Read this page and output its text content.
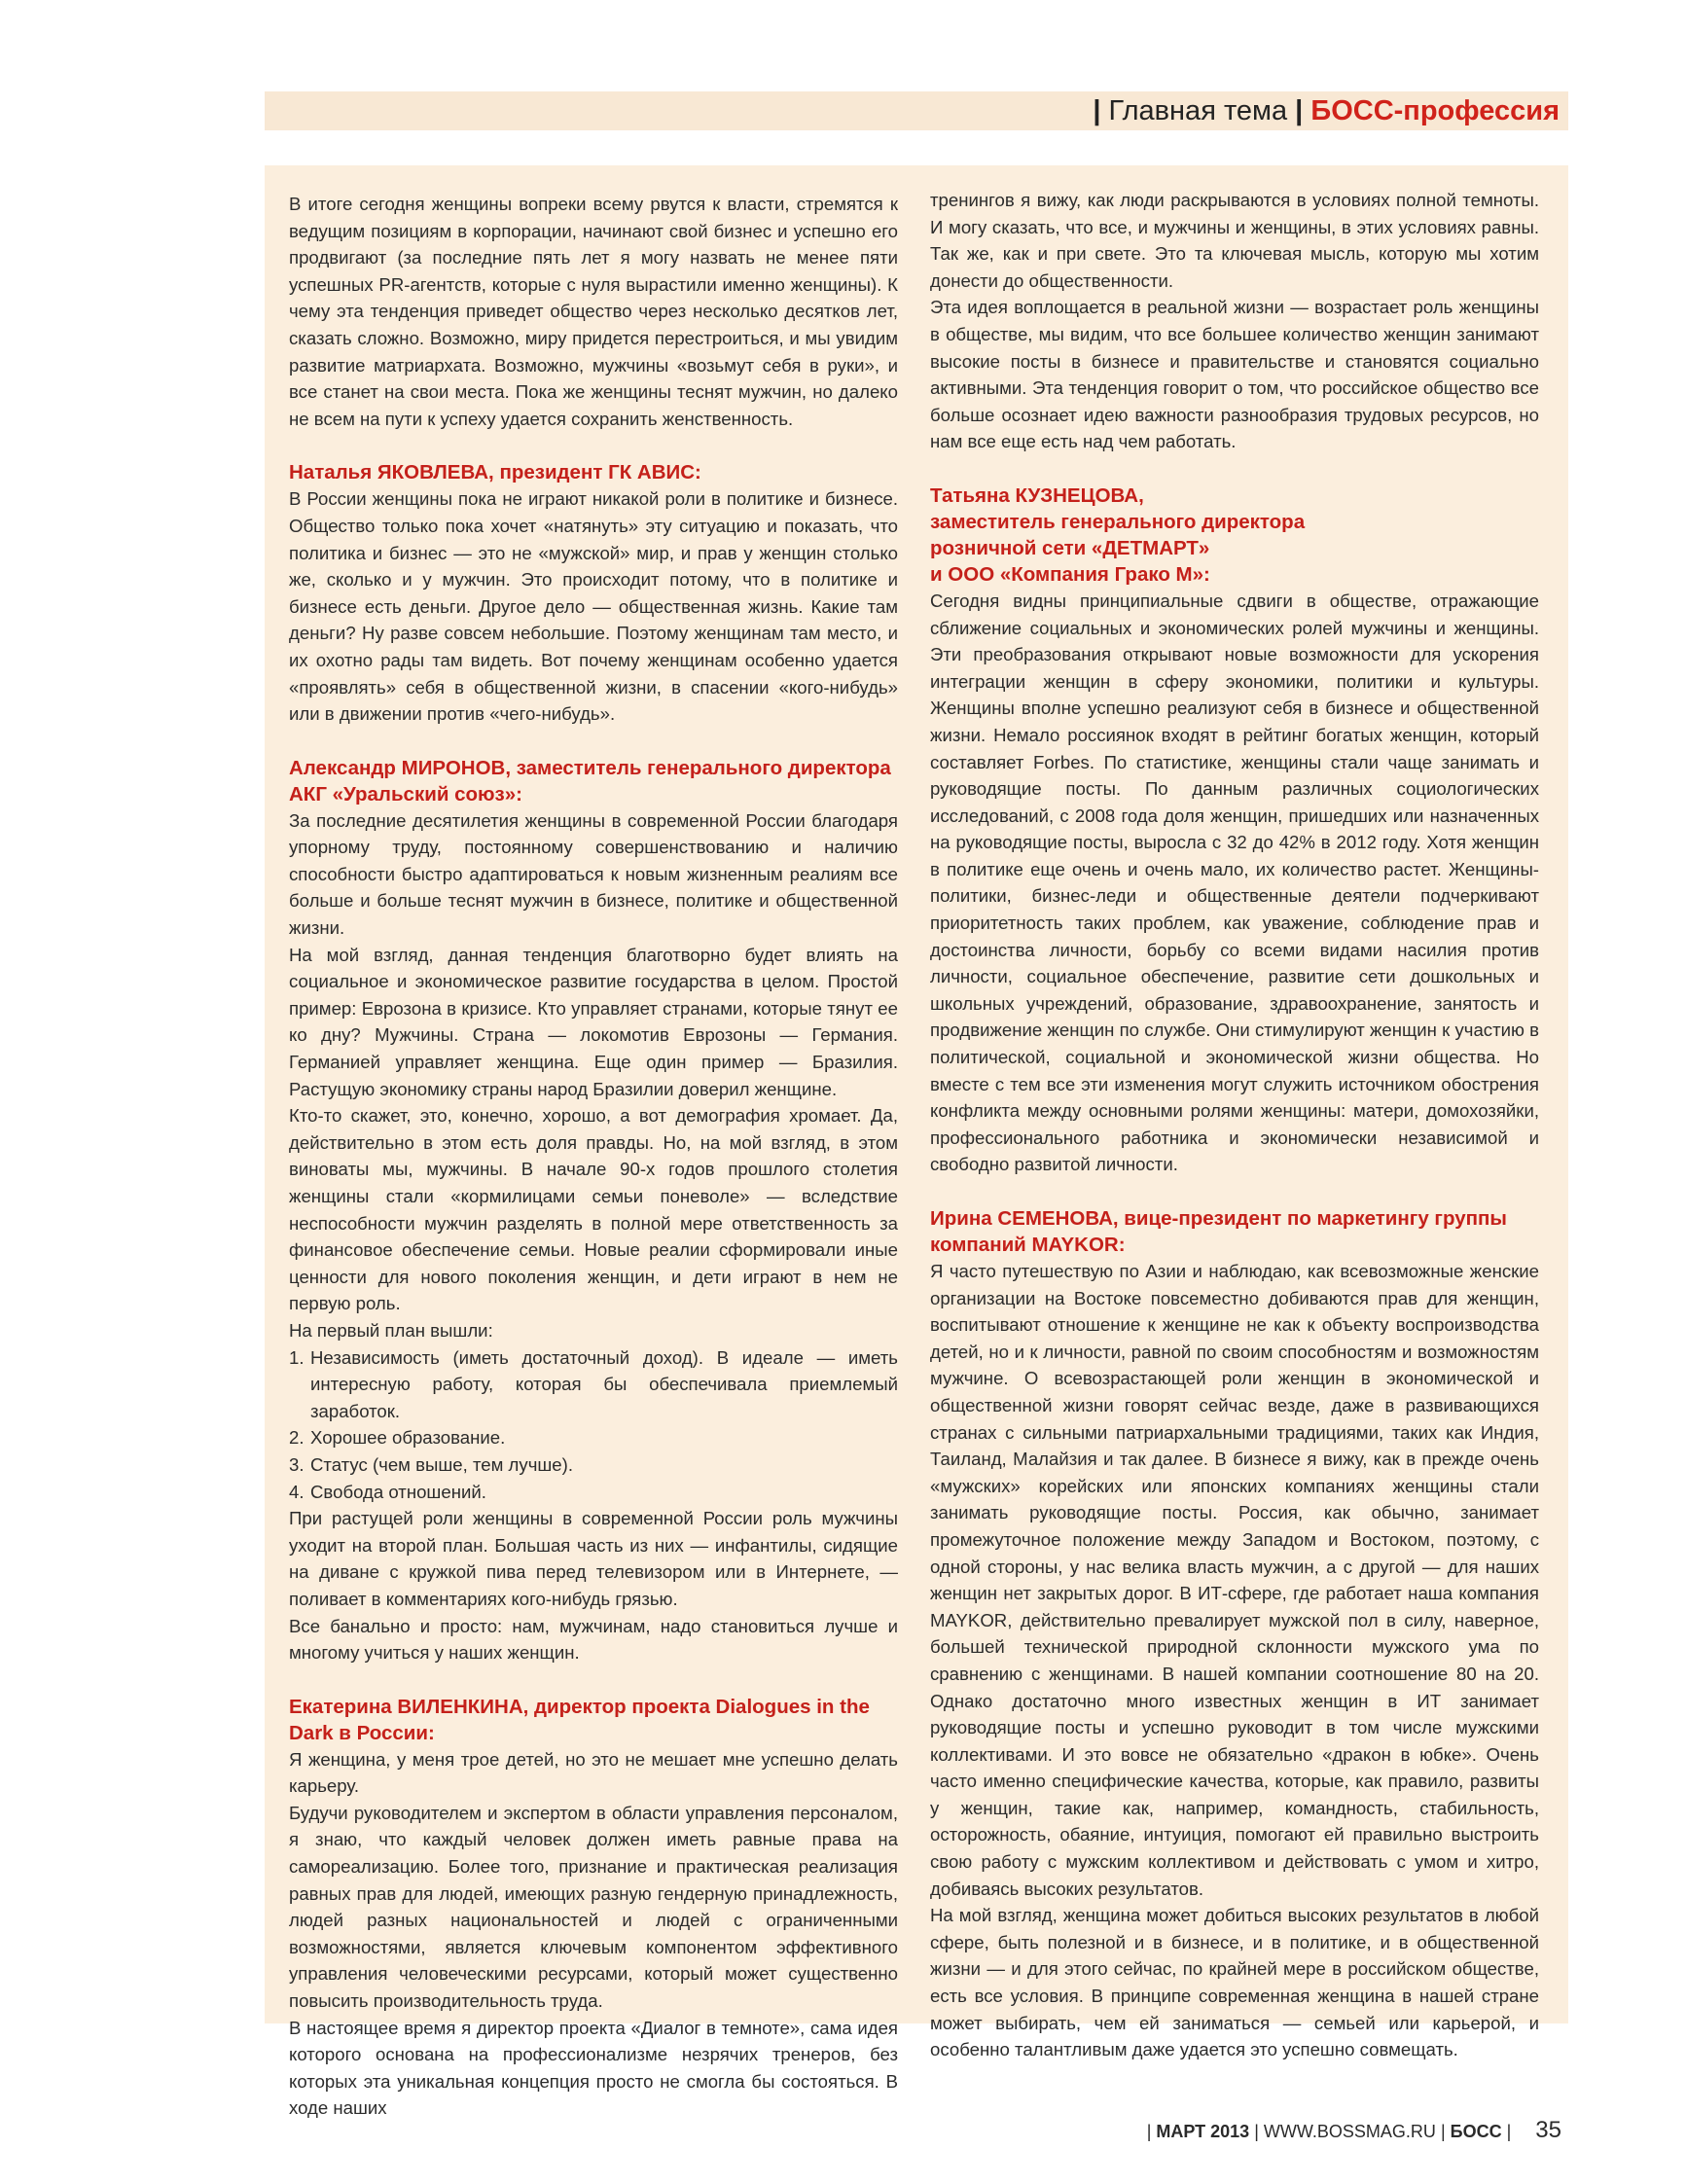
| Главная тема | БОСС-профессия

В итоге сегодня женщины вопреки всему рвутся к власти, стремятся к ведущим позициям в корпорации, начинают свой бизнес и успешно его продвигают (за последние пять лет я могу назвать не менее пяти успешных PR-агентств, которые с нуля вырастили именно женщины). К чему эта тенденция приведет общество через несколько десятков лет, сказать сложно. Возможно, миру придется перестроиться, и мы увидим развитие матриархата. Возможно, мужчины «возьмут себя в руки», и все станет на свои места. Пока же женщины теснят мужчин, но далеко не всем на пути к успеху удается сохранить женственность.

Наталья ЯКОВЛЕВА, президент ГК АВИС:

В России женщины пока не играют никакой роли в политике и бизнесе. Общество только пока хочет «натянуть» эту ситуацию и показать, что политика и бизнес — это не «мужской» мир, и прав у женщин столько же, сколько и у мужчин. Это происходит потому, что в политике и бизнесе есть деньги. Другое дело — общественная жизнь. Какие там деньги? Ну разве совсем небольшие. Поэтому женщинам там место, и их охотно рады там видеть. Вот почему женщинам особенно удается «проявлять» себя в общественной жизни, в спасении «кого-нибудь» или в движении против «чего-нибудь».

Александр МИРОНОВ, заместитель генерального директора АКГ «Уральский союз»:

За последние десятилетия женщины в современной России благодаря упорному труду, постоянному совершенствованию и наличию способности быстро адаптироваться к новым жизненным реалиям все больше и больше теснят мужчин в бизнесе, политике и общественной жизни.

На мой взгляд, данная тенденция благотворно будет влиять на социальное и экономическое развитие государства в целом. Простой пример: Еврозона в кризисе. Кто управляет странами, которые тянут ее ко дну? Мужчины. Страна — локомотив Еврозоны — Германия. Германией управляет женщина. Еще один пример — Бразилия. Растущую экономику страны народ Бразилии доверил женщине.

Кто-то скажет, это, конечно, хорошо, а вот демография хромает. Да, действительно в этом есть доля правды. Но, на мой взгляд, в этом виноваты мы, мужчины. В начале 90-х годов прошлого столетия женщины стали «кормилицами семьи поневоле» — вследствие неспособности мужчин разделять в полной мере ответственность за финансовое обеспечение семьи. Новые реалии сформировали иные ценности для нового поколения женщин, и дети играют в нем не первую роль.

На первый план вышли:

1. Независимость (иметь достаточный доход). В идеале — иметь интересную работу, которая бы обеспечивала приемлемый заработок.
2. Хорошее образование.
3. Статус (чем выше, тем лучше).
4. Свобода отношений.

При растущей роли женщины в современной России роль мужчины уходит на второй план. Большая часть из них — инфантилы, сидящие на диване с кружкой пива перед телевизором или в Интернете, — поливает в комментариях кого-нибудь грязью.

Все банально и просто: нам, мужчинам, надо становиться лучше и многому учиться у наших женщин.

Екатерина ВИЛЕНКИНА, директор проекта Dialogues in the Dark в России:

Я женщина, у меня трое детей, но это не мешает мне успешно делать карьеру.

Будучи руководителем и экспертом в области управления персоналом, я знаю, что каждый человек должен иметь равные права на самореализацию. Более того, признание и практическая реализация равных прав для людей, имеющих разную гендерную принадлежность, людей разных национальностей и людей с ограниченными возможностями, является ключевым компонентом эффективного управления человеческими ресурсами, который может существенно повысить производительность труда.

В настоящее время я директор проекта «Диалог в темноте», сама идея которого основана на профессионализме незрячих тренеров, без которых эта уникальная концепция просто не смогла бы состояться. В ходе наших

тренингов я вижу, как люди раскрываются в условиях полной темноты. И могу сказать, что все, и мужчины и женщины, в этих условиях равны. Так же, как и при свете. Это та ключевая мысль, которую мы хотим донести до общественности.

Эта идея воплощается в реальной жизни — возрастает роль женщины в обществе, мы видим, что все большее количество женщин занимают высокие посты в бизнесе и правительстве и становятся социально активными. Эта тенденция говорит о том, что российское общество все больше осознает идею важности разнообразия трудовых ресурсов, но нам все еще есть над чем работать.

Татьяна КУЗНЕЦОВА,
заместитель генерального директора
розничной сети «ДЕТМАРТ»
и ООО «Компания Грако М»:

Сегодня видны принципиальные сдвиги в обществе, отражающие сближение социальных и экономических ролей мужчины и женщины. Эти преобразования открывают новые возможности для ускорения интеграции женщин в сферу экономики, политики и культуры. Женщины вполне успешно реализуют себя в бизнесе и общественной жизни. Немало россиянок входят в рейтинг богатых женщин, который составляет Forbes. По статистике, женщины стали чаще занимать и руководящие посты. По данным различных социологических исследований, с 2008 года доля женщин, пришедших или назначенных на руководящие посты, выросла с 32 до 42% в 2012 году. Хотя женщин в политике еще очень и очень мало, их количество растет. Женщины-политики, бизнес-леди и общественные деятели подчеркивают приоритетность таких проблем, как уважение, соблюдение прав и достоинства личности, борьбу со всеми видами насилия против личности, социальное обеспечение, развитие сети дошкольных и школьных учреждений, образование, здравоохранение, занятость и продвижение женщин по службе. Они стимулируют женщин к участию в политической, социальной и экономической жизни общества. Но вместе с тем все эти изменения могут служить источником обострения конфликта между основными ролями женщины: матери, домохозяйки, профессионального работника и экономически независимой и свободно развитой личности.

Ирина СЕМЕНОВА, вице-президент по маркетингу группы компаний MAYKOR:

Я часто путешествую по Азии и наблюдаю, как всевозможные женские организации на Востоке повсеместно добиваются прав для женщин, воспитывают отношение к женщине не как к объекту воспроизводства детей, но и к личности, равной по своим способностям и возможностям мужчине. О всевозрастающей роли женщин в экономической и общественной жизни говорят сейчас везде, даже в развивающихся странах с сильными патриархальными традициями, таких как Индия, Таиланд, Малайзия и так далее. В бизнесе я вижу, как в прежде очень «мужских» корейских или японских компаниях женщины стали занимать руководящие посты. Россия, как обычно, занимает промежуточное положение между Западом и Востоком, поэтому, с одной стороны, у нас велика власть мужчин, а с другой — для наших женщин нет закрытых дорог. В ИТ-сфере, где работает наша компания MAYKOR, действительно превалирует мужской пол в силу, наверное, большей технической природной склонности мужского ума по сравнению с женщинами. В нашей компании соотношение 80 на 20. Однако достаточно много известных женщин в ИТ занимает руководящие посты и успешно руководит в том числе мужскими коллективами. И это вовсе не обязательно «дракон в юбке». Очень часто именно специфические качества, которые, как правило, развиты у женщин, такие как, например, командность, стабильность, осторожность, обаяние, интуиция, помогают ей правильно выстроить свою работу с мужским коллективом и действовать с умом и хитро, добиваясь высоких результатов.

На мой взгляд, женщина может добиться высоких результатов в любой сфере, быть полезной и в бизнесе, и в политике, и в общественной жизни — и для этого сейчас, по крайней мере в российском обществе, есть все условия. В принципе современная женщина в нашей стране может выбирать, чем ей заниматься — семьей или карьерой, и особенно талантливым даже удается это успешно совмещать.

| МАРТ 2013 | WWW.BOSSMAG.RU | БОСС | 35
